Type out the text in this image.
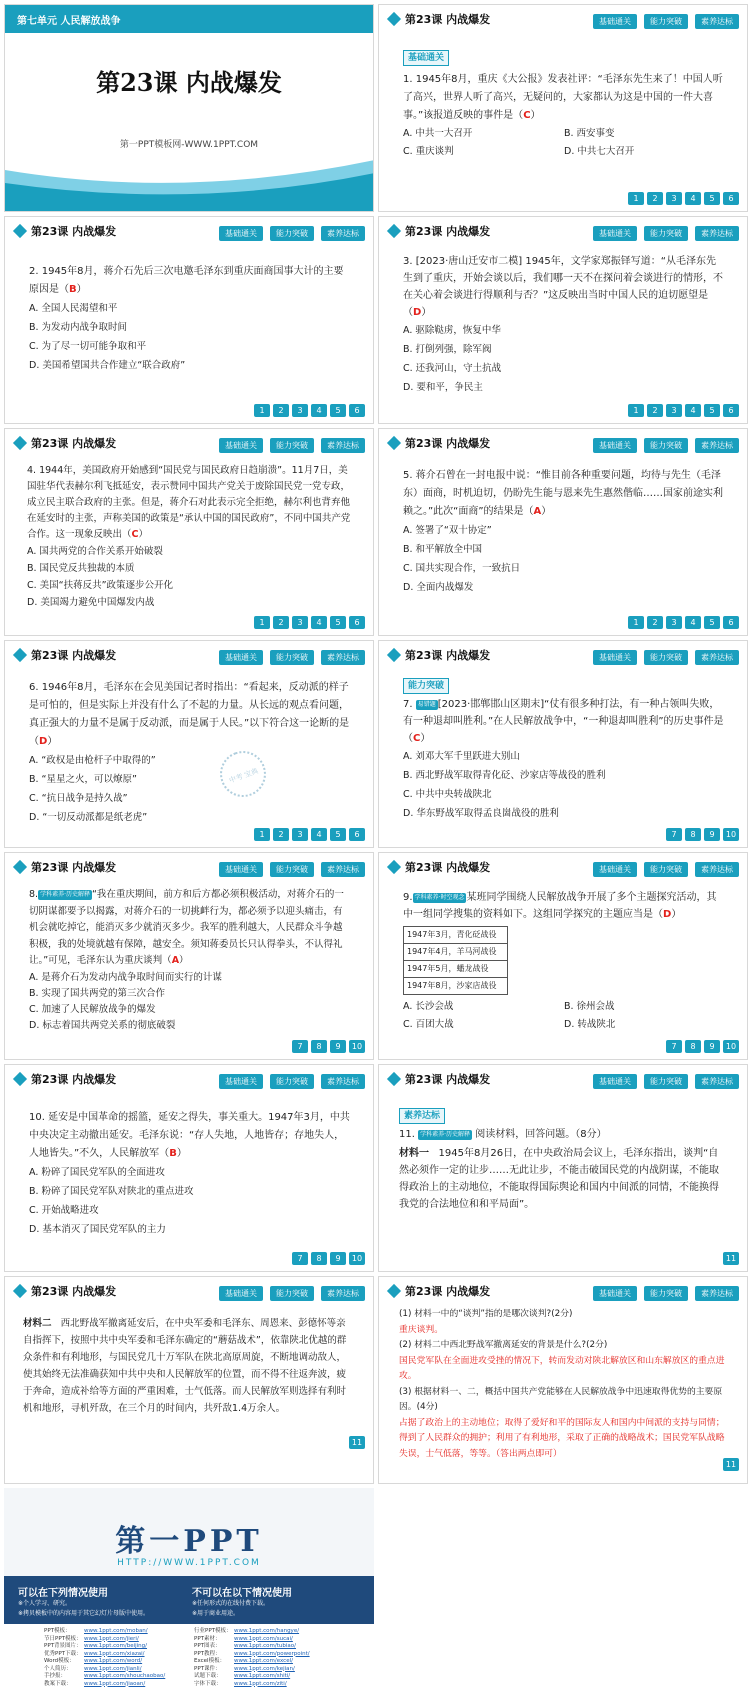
第七单元 人民解放战争
第23课 内战爆发
第一PPT模板网-WWW.1PPT.COM
第23课 内战爆发	基础通关	能力突破	素养达标
基础通关
1. 1945年8月，重庆《大公报》发表社评：“毛泽东先生来了！中国人听了高兴，世界人听了高兴，无疑问的，大家都认为这是中国的一件大喜事。”该报道反映的事件是（C）
A. 中共一大召开	B. 西安事变
C. 重庆谈判	D. 中共七大召开
1	2	3	4	5	6
第23课 内战爆发	基础通关	能力突破	素养达标
2. 1945年8月，蒋介石先后三次电邀毛泽东到重庆面商国事大计的主要原因是（B）
A. 全国人民渴望和平
B. 为发动内战争取时间
C. 为了尽一切可能争取和平
D. 美国希望国共合作建立“联合政府”
1	2	3	4	5	6
第23课 内战爆发	基础通关	能力突破	素养达标
3. [2023·唐山迁安市二模] 1945年，文学家郑振铎写道：“从毛泽东先生到了重庆，开始会谈以后，我们哪一天不在探问着会谈进行的情形，不在关心着会谈进行得顺利与否？”这反映出当时中国人民的迫切愿望是（D）
A. 驱除鞑虏，恢复中华
B. 打倒列强，除军阀
C. 还我河山，守土抗战
D. 要和平，争民主
1	2	3	4	5	6
第23课 内战爆发	基础通关	能力突破	素养达标
4. 1944年，美国政府开始感到“国民党与国民政府日趋崩溃”。11月7日，美国驻华代表赫尔利飞抵延安，表示赞同中国共产党关于废除国民党一党专政，成立民主联合政府的主张。但是，蒋介石对此表示完全拒绝，赫尔利也背弃他在延安时的主张，声称美国的政策是“承认中国的国民政府”，不同中国共产党合作。这一现象反映出（C）
A. 国共两党的合作关系开始破裂
B. 国民党反共独裁的本质
C. 美国“扶蒋反共”政策逐步公开化
D. 美国竭力避免中国爆发内战
1	2	3	4	5	6
第23课 内战爆发	基础通关	能力突破	素养达标
5. 蒋介石曾在一封电报中说：“惟目前各种重要问题，均待与先生（毛泽东）面商，时机迫切，仍盼先生能与恩来先生惠然偕临……国家前途实利赖之。”此次“面商”的结果是（A）
A. 签署了“双十协定”
B. 和平解放全中国
C. 国共实现合作，一致抗日
D. 全面内战爆发
1	2	3	4	5	6
第23课 内战爆发	基础通关	能力突破	素养达标
6. 1946年8月，毛泽东在会见美国记者时指出：“看起来，反动派的样子是可怕的，但是实际上并没有什么了不起的力量。从长远的观点看问题，真正强大的力量不是属于反动派，而是属于人民。”以下符合这一论断的是（D）
A. “政权是由枪杆子中取得的”
B. “星星之火，可以燎原”
C. “抗日战争是持久战”
D. “一切反动派都是纸老虎”
中考 宝典
1	2	3	4	5	6
第23课 内战爆发	基础通关	能力突破	素养达标
能力突破
7. 易错题 [2023·邯郸邯山区期末]“仗有很多种打法，有一种占领叫失败，有一种退却叫胜利。”在人民解放战争中，“一种退却叫胜利”的历史事件是（C）
A. 刘邓大军千里跃进大别山
B. 西北野战军取得青化砭、沙家店等战役的胜利
C. 中共中央转战陕北
D. 华东野战军取得孟良崮战役的胜利
7	8	9	10
第23课 内战爆发	基础通关	能力突破	素养达标
8. 学科素养·历史解释 “我在重庆期间，前方和后方都必须积极活动，对蒋介石的一切阴谋都要予以揭露，对蒋介石的一切挑衅行为，都必须予以迎头痛击，有机会就吃掉它，能消灭多少就消灭多少。我军的胜利越大，人民群众斗争越积极，我的处境就越有保障，越安全。须知蒋委员长只认得拳头，不认得礼让。”可见，毛泽东认为重庆谈判（A）
A. 是蒋介石为发动内战争取时间而实行的计谋
B. 实现了国共两党的第三次合作
C. 加速了人民解放战争的爆发
D. 标志着国共两党关系的彻底破裂
7	8	9	10
第23课 内战爆发	基础通关	能力突破	素养达标
9. 学科素养·时空观念 某班同学围绕人民解放战争开展了多个主题探究活动，其中一组同学搜集的资料如下。这组同学探究的主题应当是（D）
1947年3月，青化砭战役
1947年4月，羊马河战役
1947年5月，蟠龙战役
1947年8月，沙家店战役
A. 长沙会战	B. 徐州会战
C. 百团大战	D. 转战陕北
7	8	9	10
第23课 内战爆发	基础通关	能力突破	素养达标
10. 延安是中国革命的摇篮，延安之得失，事关重大。1947年3月，中共中央决定主动撤出延安。毛泽东说：“存人失地，人地皆存；存地失人，人地皆失。”不久，人民解放军（B）
A. 粉碎了国民党军队的全面进攻
B. 粉碎了国民党军队对陕北的重点进攻
C. 开始战略进攻
D. 基本消灭了国民党军队的主力
7	8	9	10
第23课 内战爆发	基础通关	能力突破	素养达标
素养达标
11. 学科素养·历史解释 阅读材料，回答问题。（8分）
材料一 1945年8月26日，在中央政治局会议上，毛泽东指出，谈判“自然必须作一定的让步……无此让步，不能击破国民党的内战阴谋，不能取得政治上的主动地位，不能取得国际舆论和国内中间派的同情，不能换得我党的合法地位和和平局面”。
11
第23课 内战爆发	基础通关	能力突破	素养达标
材料二 西北野战军撤离延安后，在中央军委和毛泽东、周恩来、彭德怀等亲自指挥下，按照中共中央军委和毛泽东确定的“蘑菇战术”，依靠陕北优越的群众条件和有利地形，与国民党几十万军队在陕北高原周旋，不断地调动敌人，使其始终无法准确获知中共中央和人民解放军的位置，而不得不往返奔波，疲于奔命，造成补给等方面的严重困难，士气低落。而人民解放军则选择有利时机和地形，寻机歼敌，在三个月的时间内，共歼敌1.4万余人。
11
第23课 内战爆发	基础通关	能力突破	素养达标
(1) 材料一中的“谈判”指的是哪次谈判?(2分)
重庆谈判。
(2) 材料二中西北野战军撤离延安的背景是什么?(2分)
国民党军队在全面进攻受挫的情况下，转而发动对陕北解放区和山东解放区的重点进攻。
(3) 根据材料一、二，概括中国共产党能够在人民解放战争中迅速取得优势的主要原因。(4分)
占据了政治上的主动地位；取得了爱好和平的国际友人和国内中间派的支持与同情；得到了人民群众的拥护；利用了有利地形，采取了正确的战略战术；国民党军队战略失误，士气低落，等等。（答出两点即可）
11
第一PPT
HTTP://WWW.1PPT.COM
可以在下列情况使用
※个人学习、研究。
※拷贝模板中的内容用于其它幻灯片母版中使用。
不可以在以下情况使用
※任何形式的在线付费下载。
※用于商业用途。
PPT模板： www.1ppt.com/moban/
节日PPT模板： www.1ppt.com/jieri/
PPT背景图片： www.1ppt.com/beijing/
优秀PPT下载： www.1ppt.com/xiazai/
Word模板： www.1ppt.com/word/
个人简历： www.1ppt.com/jianli/
手抄报：	www.1ppt.com/shouchaobao/
教案下载： www.1ppt.com/jiaoan/
行业PPT模板： www.1ppt.com/hangye/
PPT素材： www.1ppt.com/sucai/
PPT图表： www.1ppt.com/tubiao/
PPT教程： www.1ppt.com/powerpoint/
Excel模板： www.1ppt.com/excel/
PPT课件： www.1ppt.com/kejian/
试题下载： www.1ppt.com/shiti/
字体下载： www.1ppt.com/ziti/
